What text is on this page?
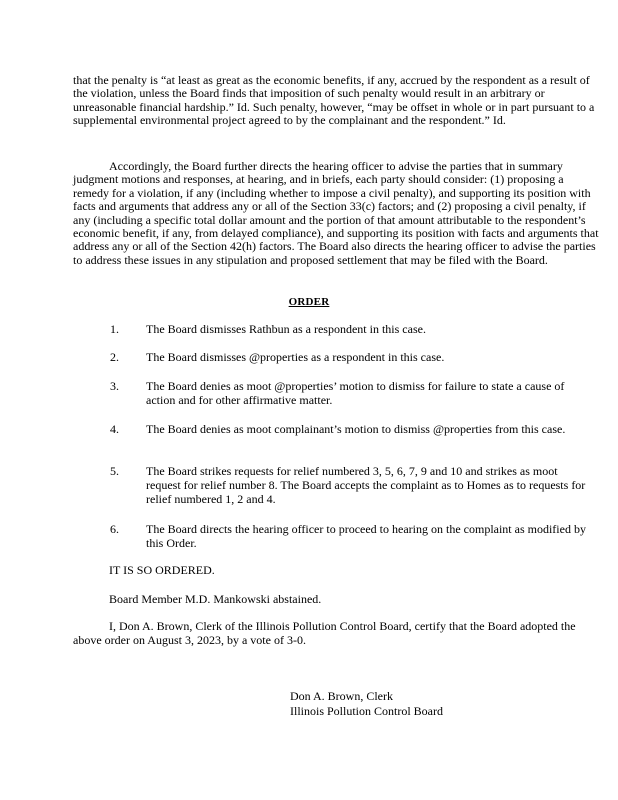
that the penalty is “at least as great as the economic benefits, if any, accrued by the respondent as a result of the violation, unless the Board finds that imposition of such penalty would result in an arbitrary or unreasonable financial hardship.” Id. Such penalty, however, “may be offset in whole or in part pursuant to a supplemental environmental project agreed to by the complainant and the respondent.” Id.

Accordingly, the Board further directs the hearing officer to advise the parties that in summary judgment motions and responses, at hearing, and in briefs, each party should consider: (1) proposing a remedy for a violation, if any (including whether to impose a civil penalty), and supporting its position with facts and arguments that address any or all of the Section 33(c) factors; and (2) proposing a civil penalty, if any (including a specific total dollar amount and the portion of that amount attributable to the respondent’s economic benefit, if any, from delayed compliance), and supporting its position with facts and arguments that address any or all of the Section 42(h) factors. The Board also directs the hearing officer to advise the parties to address these issues in any stipulation and proposed settlement that may be filed with the Board.

ORDER
1. The Board dismisses Rathbun as a respondent in this case.
2. The Board dismisses @properties as a respondent in this case.
3. The Board denies as moot @properties’ motion to dismiss for failure to state a cause of action and for other affirmative matter.
4. The Board denies as moot complainant’s motion to dismiss @properties from this case.
5. The Board strikes requests for relief numbered 3, 5, 6, 7, 9 and 10 and strikes as moot request for relief number 8. The Board accepts the complaint as to Homes as to requests for relief numbered 1, 2 and 4.
6. The Board directs the hearing officer to proceed to hearing on the complaint as modified by this Order.
IT IS SO ORDERED.
Board Member M.D. Mankowski abstained.

I, Don A. Brown, Clerk of the Illinois Pollution Control Board, certify that the Board adopted the above order on August 3, 2023, by a vote of 3-0.

Don A. Brown, Clerk
Illinois Pollution Control Board
